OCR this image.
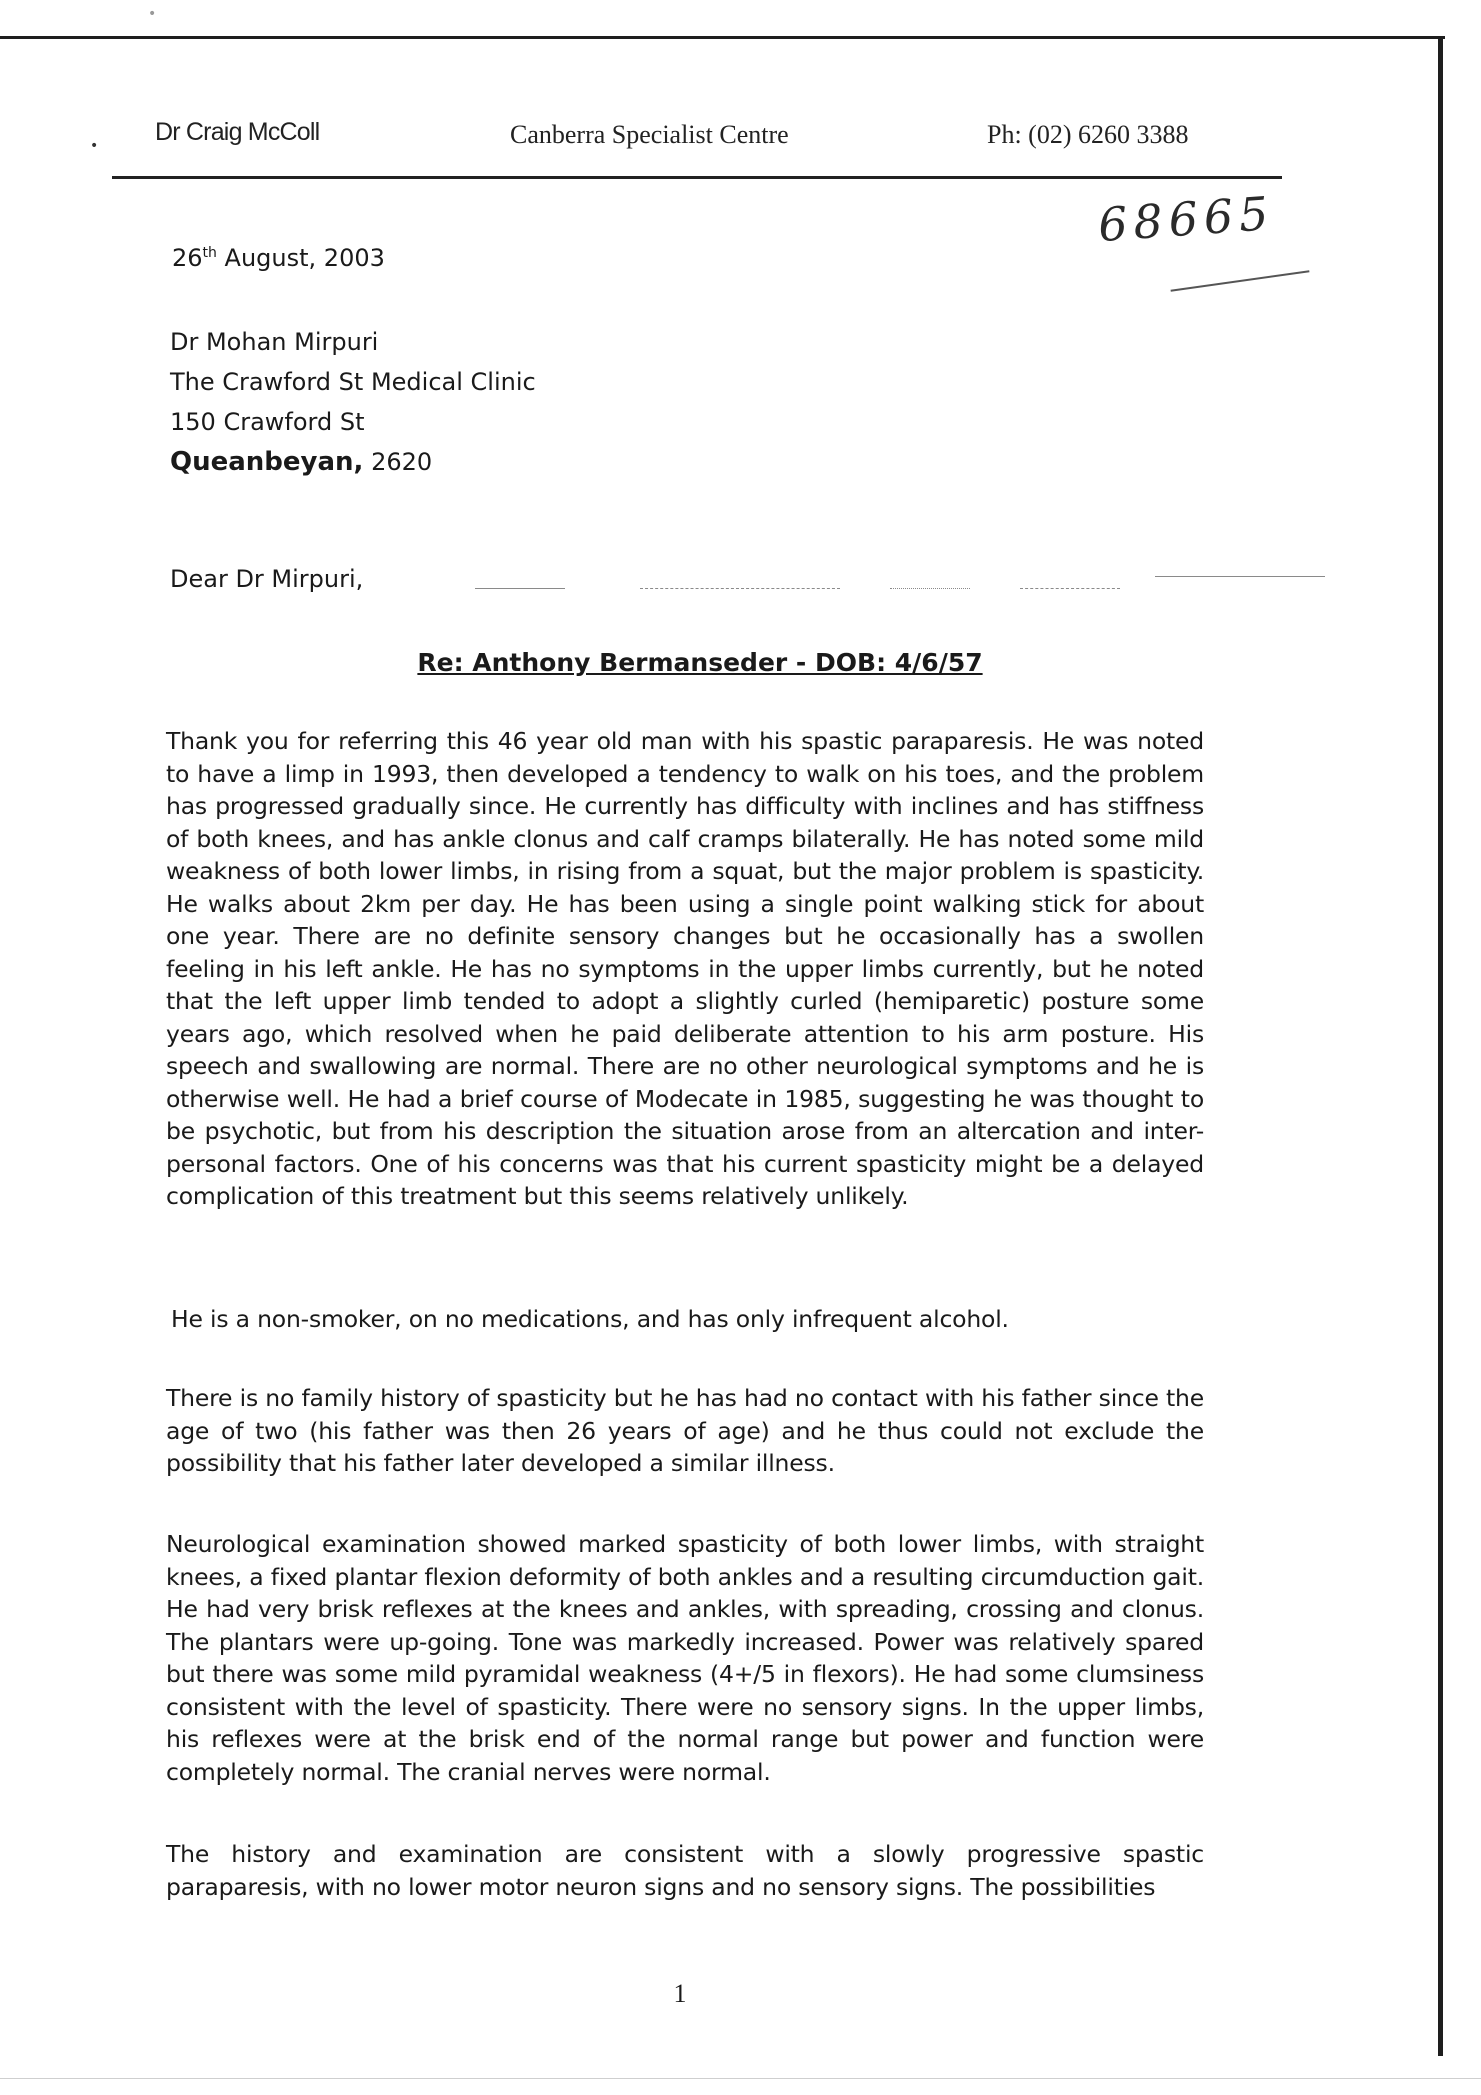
•
•
Dr Craig McColl	Canberra Specialist Centre	Ph: (02) 6260 3388
68665
26th August, 2003
Dr Mohan Mirpuri
The Crawford St Medical Clinic
150 Crawford St
Queanbeyan, 2620
Dear Dr Mirpuri,
Re: Anthony Bermanseder - DOB: 4/6/57
Thank you for referring this 46 year old man with his spastic paraparesis. He was noted to have a limp in 1993, then developed a tendency to walk on his toes, and the problem has progressed gradually since. He currently has difficulty with inclines and has stiffness of both knees, and has ankle clonus and calf cramps bilaterally. He has noted some mild weakness of both lower limbs, in rising from a squat, but the major problem is spasticity. He walks about 2km per day. He has been using a single point walking stick for about one year. There are no definite sensory changes but he occasionally has a swollen feeling in his left ankle. He has no symptoms in the upper limbs currently, but he noted that the left upper limb tended to adopt a slightly curled (hemiparetic) posture some years ago, which resolved when he paid deliberate attention to his arm posture. His speech and swallowing are normal. There are no other neurological symptoms and he is otherwise well. He had a brief course of Modecate in 1985, suggesting he was thought to be psychotic, but from his description the situation arose from an altercation and inter-personal factors. One of his concerns was that his current spasticity might be a delayed complication of this treatment but this seems relatively unlikely.
He is a non-smoker, on no medications, and has only infrequent alcohol.
There is no family history of spasticity but he has had no contact with his father since the age of two (his father was then 26 years of age) and he thus could not exclude the possibility that his father later developed a similar illness.
Neurological examination showed marked spasticity of both lower limbs, with straight knees, a fixed plantar flexion deformity of both ankles and a resulting circumduction gait. He had very brisk reflexes at the knees and ankles, with spreading, crossing and clonus. The plantars were up-going. Tone was markedly increased. Power was relatively spared but there was some mild pyramidal weakness (4+/5 in flexors). He had some clumsiness consistent with the level of spasticity. There were no sensory signs. In the upper limbs, his reflexes were at the brisk end of the normal range but power and function were completely normal. The cranial nerves were normal.
The history and examination are consistent with a slowly progressive spastic paraparesis, with no lower motor neuron signs and no sensory signs. The possibilities
1
